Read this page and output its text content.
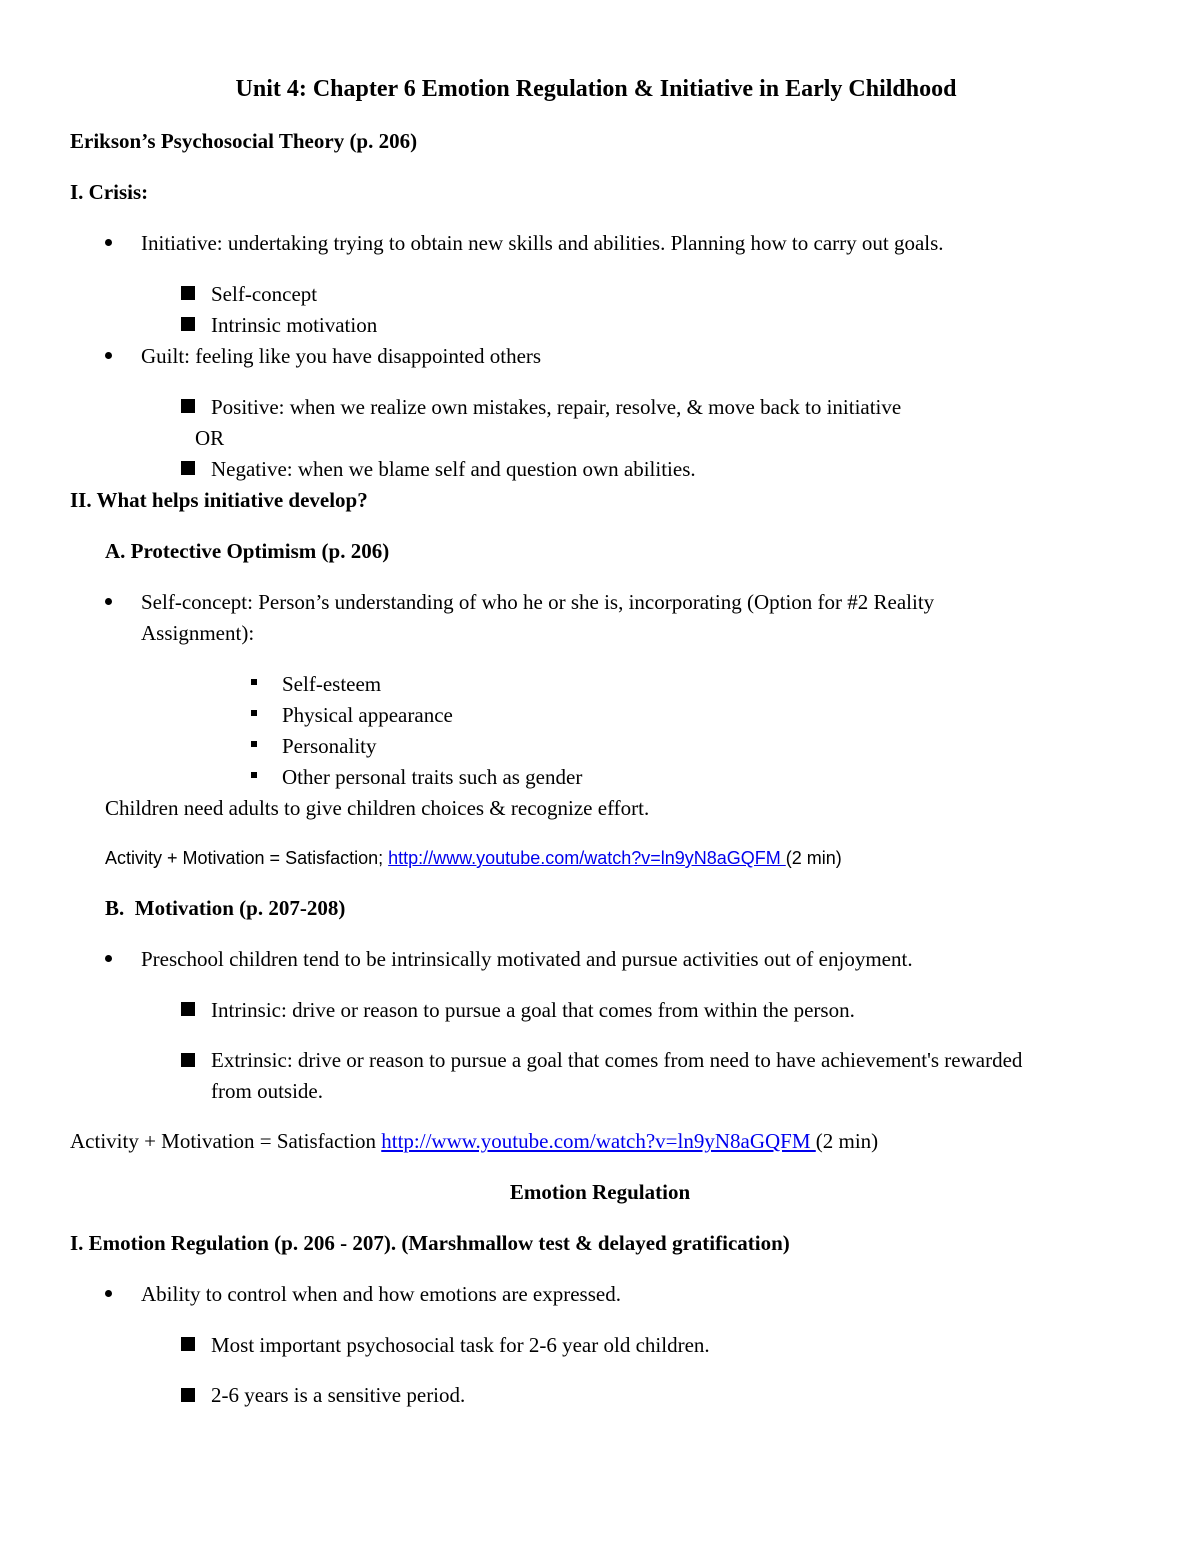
Unit 4: Chapter 6 Emotion Regulation & Initiative in Early Childhood
Erikson’s Psychosocial Theory (p. 206)
I. Crisis:
Initiative: undertaking trying to obtain new skills and abilities. Planning how to carry out goals.
Self-concept
Intrinsic motivation
Guilt: feeling like you have disappointed others
Positive: when we realize own mistakes, repair, resolve, & move back to initiative
OR
Negative: when we blame self and question own abilities.
II. What helps initiative develop?
A. Protective Optimism (p. 206)
Self-concept: Person’s understanding of who he or she is, incorporating (Option for #2 Reality
Assignment):
Self-esteem
Physical appearance
Personality
Other personal traits such as gender
Children need adults to give children choices & recognize effort.
Activity + Motivation = Satisfaction; http://www.youtube.com/watch?v=ln9yN8aGQFM (2 min)
B.  Motivation (p. 207-208)
Preschool children tend to be intrinsically motivated and pursue activities out of enjoyment.
Intrinsic: drive or reason to pursue a goal that comes from within the person.
Extrinsic: drive or reason to pursue a goal that comes from need to have achievement's rewarded
from outside.
Activity + Motivation = Satisfaction http://www.youtube.com/watch?v=ln9yN8aGQFM (2 min)
Emotion Regulation
I. Emotion Regulation (p. 206 - 207). (Marshmallow test & delayed gratification)
Ability to control when and how emotions are expressed.
Most important psychosocial task for 2-6 year old children.
2-6 years is a sensitive period.
